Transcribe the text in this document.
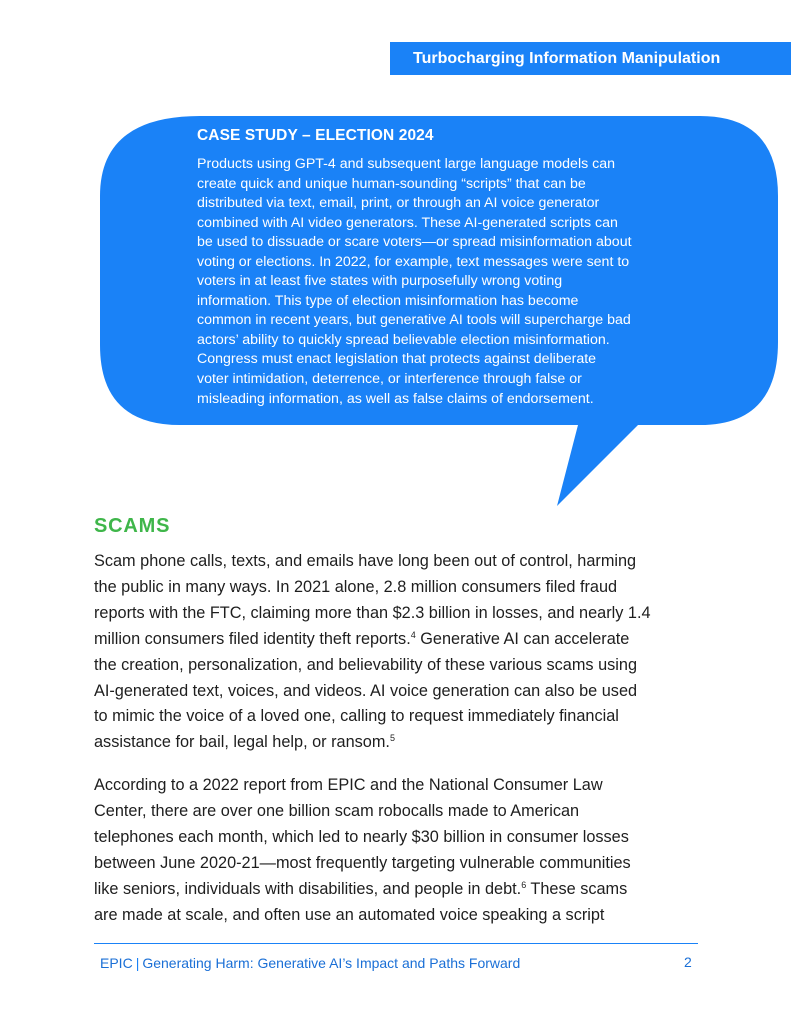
Turbocharging Information Manipulation
CASE STUDY – ELECTION 2024
Products using GPT-4 and subsequent large language models can
create quick and unique human-sounding “scripts” that can be
distributed via text, email, print, or through an AI voice generator
combined with AI video generators. These AI-generated scripts can
be used to dissuade or scare voters—or spread misinformation about
voting or elections. In 2022, for example, text messages were sent to
voters in at least five states with purposefully wrong voting
information. This type of election misinformation has become
common in recent years, but generative AI tools will supercharge bad
actors’ ability to quickly spread believable election misinformation.
Congress must enact legislation that protects against deliberate
voter intimidation, deterrence, or interference through false or
misleading information, as well as false claims of endorsement.
SCAMS
Scam phone calls, texts, and emails have long been out of control, harming
the public in many ways. In 2021 alone, 2.8 million consumers filed fraud
reports with the FTC, claiming more than $2.3 billion in losses, and nearly 1.4
million consumers filed identity theft reports.$^4$ Generative AI can accelerate
the creation, personalization, and believability of these various scams using
AI-generated text, voices, and videos. AI voice generation can also be used
to mimic the voice of a loved one, calling to request immediately financial
assistance for bail, legal help, or ransom.$^5$
According to a 2022 report from EPIC and the National Consumer Law
Center, there are over one billion scam robocalls made to American
telephones each month, which led to nearly $30 billion in consumer losses
between June 2020-21—most frequently targeting vulnerable communities
like seniors, individuals with disabilities, and people in debt.$^6$ These scams
are made at scale, and often use an automated voice speaking a script
EPIC | Generating Harm: Generative AI’s Impact and Paths Forward	2
